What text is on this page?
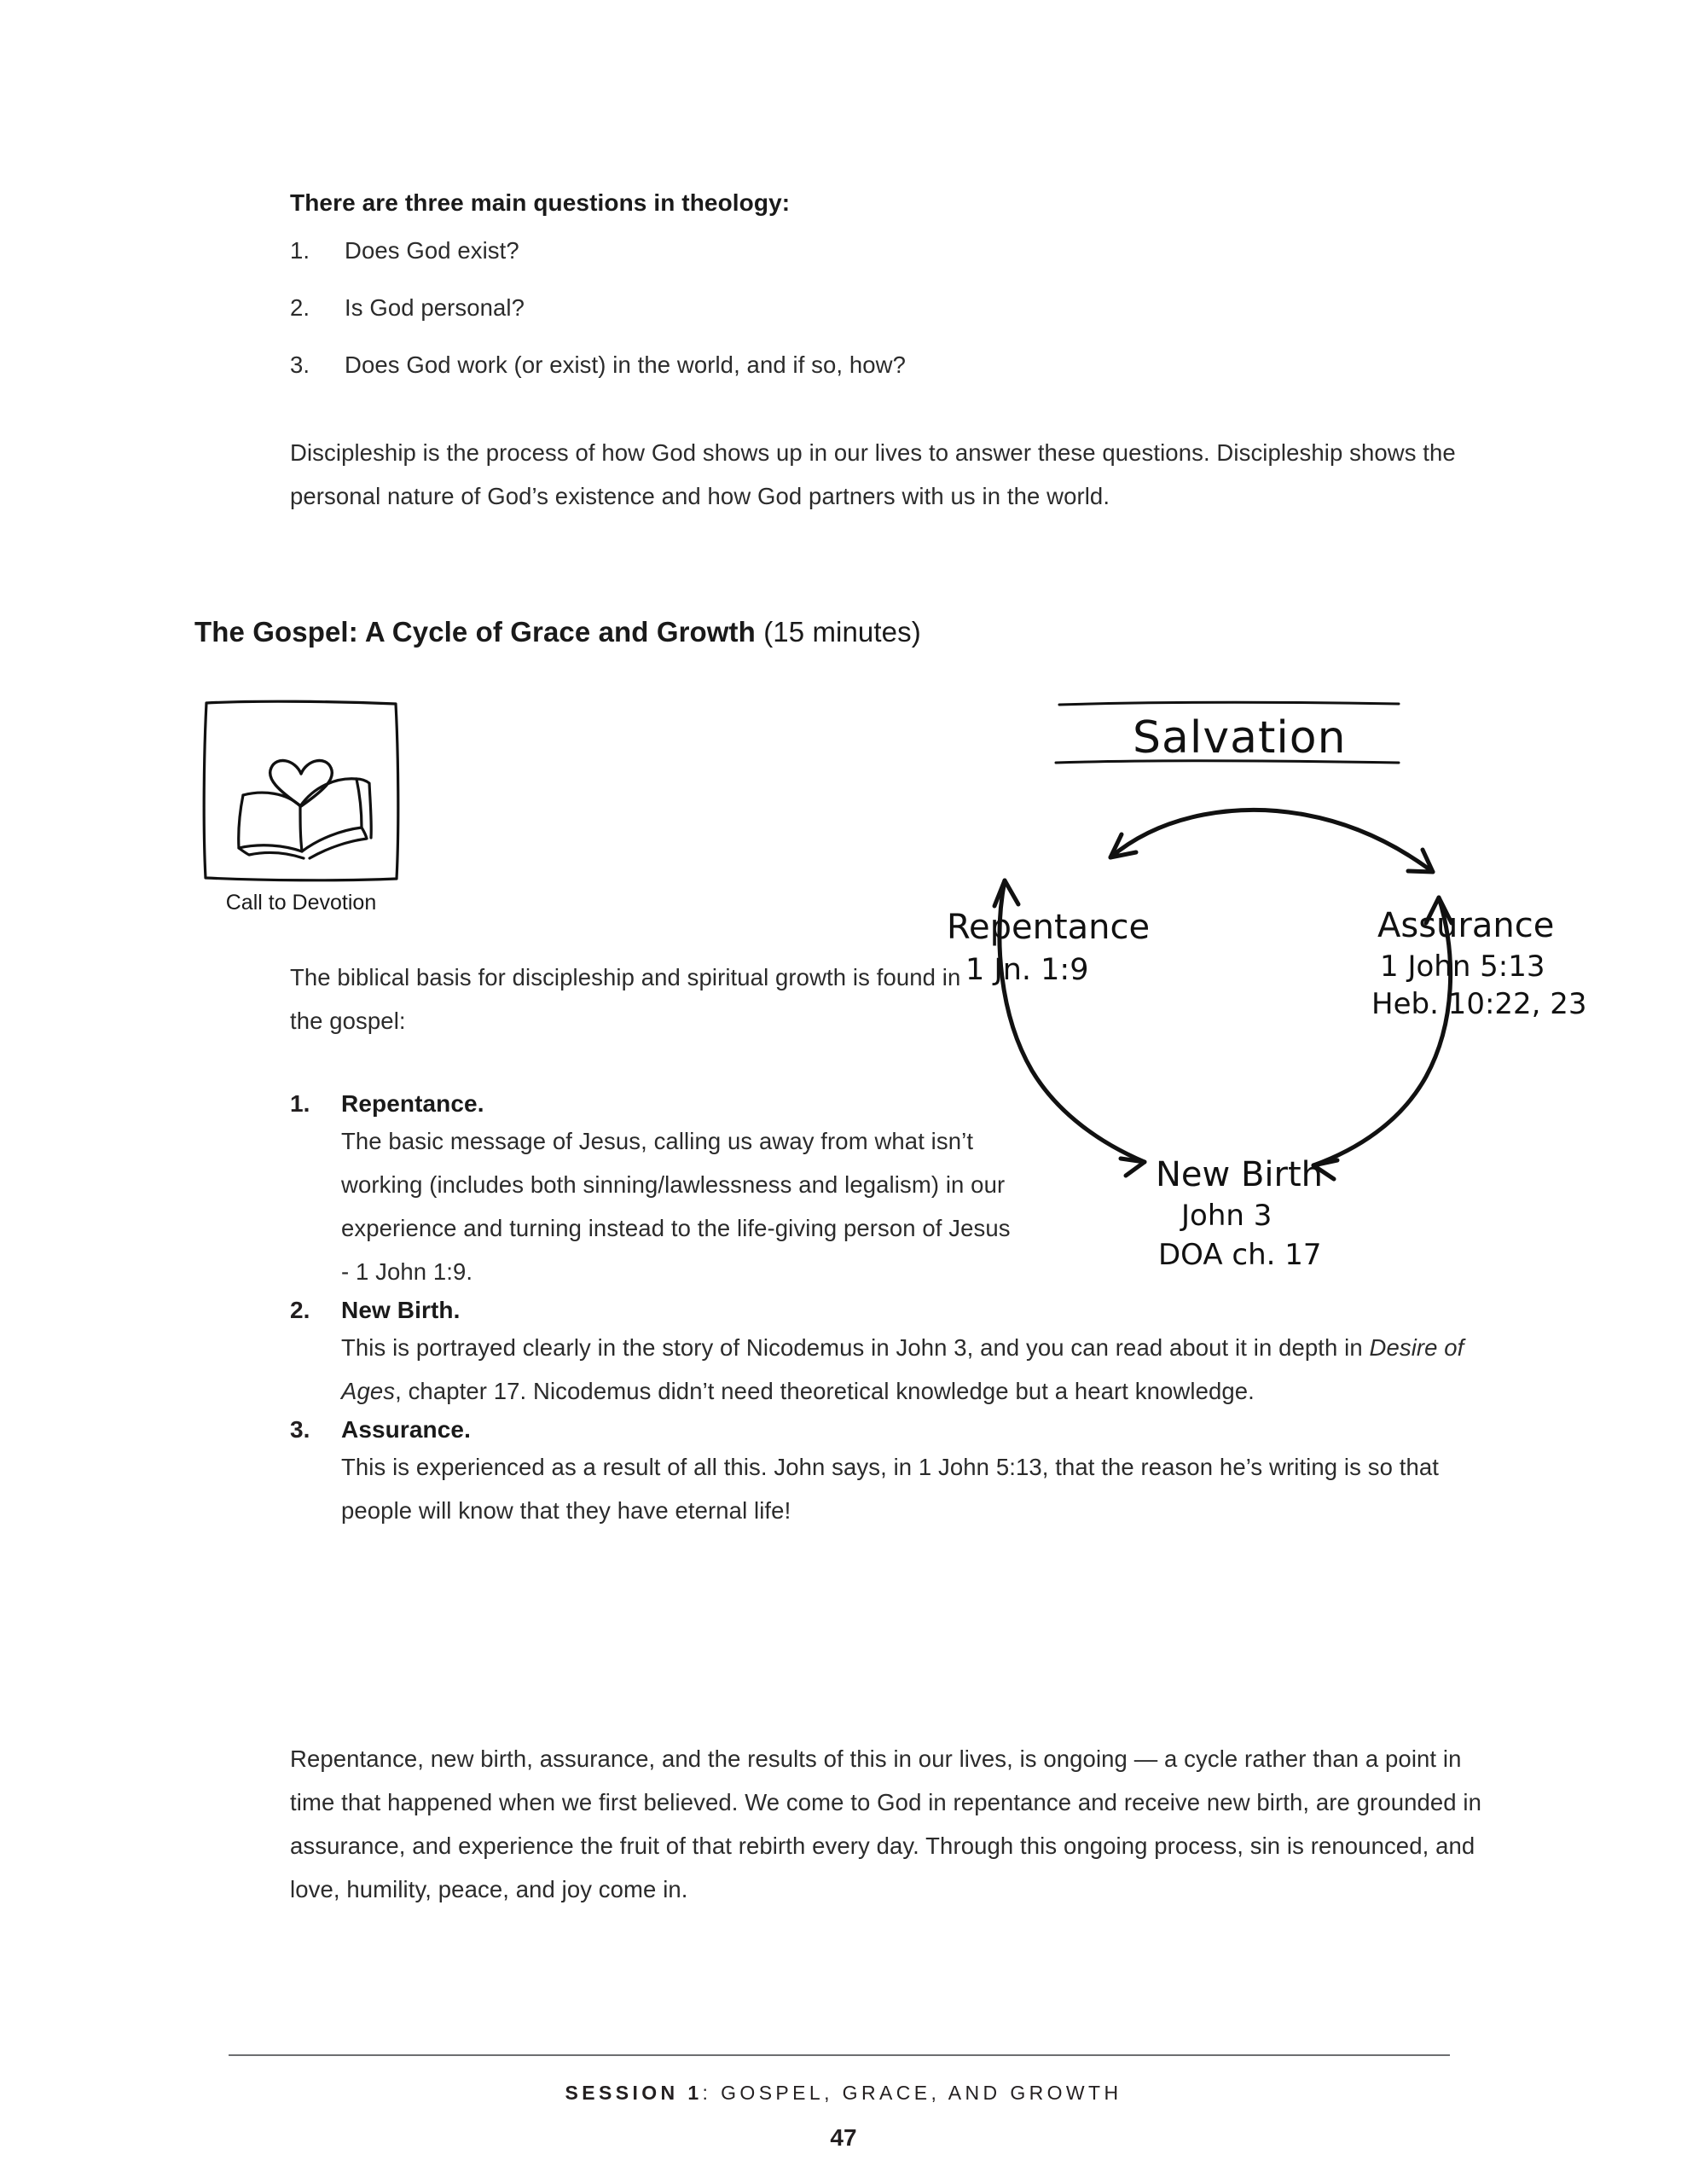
There are three main questions in theology:
1. Does God exist?
2. Is God personal?
3. Does God work (or exist) in the world, and if so, how?

Discipleship is the process of how God shows up in our lives to answer these questions. Discipleship shows the personal nature of God’s existence and how God partners with us in the world.

The Gospel: A Cycle of Grace and Growth (15 minutes)
Call to Devotion
Salvation
Repentance
1 Jn. 1:9
Assurance
1 John 5:13
Heb. 10:22, 23
New Birth
John 3
DOA ch. 17

The biblical basis for discipleship and spiritual growth is found in the gospel:

1. Repentance.
The basic message of Jesus, calling us away from what isn’t working (includes both sinning/lawlessness and legalism) in our experience and turning instead to the life-giving person of Jesus - 1 John 1:9.
2. New Birth.
This is portrayed clearly in the story of Nicodemus in John 3, and you can read about it in depth in Desire of Ages, chapter 17. Nicodemus didn’t need theoretical knowledge but a heart knowledge.
3. Assurance.
This is experienced as a result of all this. John says, in 1 John 5:13, that the reason he’s writing is so that people will know that they have eternal life!

Repentance, new birth, assurance, and the results of this in our lives, is ongoing — a cycle rather than a point in time that happened when we first believed. We come to God in repentance and receive new birth, are grounded in assurance, and experience the fruit of that rebirth every day. Through this ongoing process, sin is renounced, and love, humility, peace, and joy come in.

SESSION 1: GOSPEL, GRACE, AND GROWTH
47
